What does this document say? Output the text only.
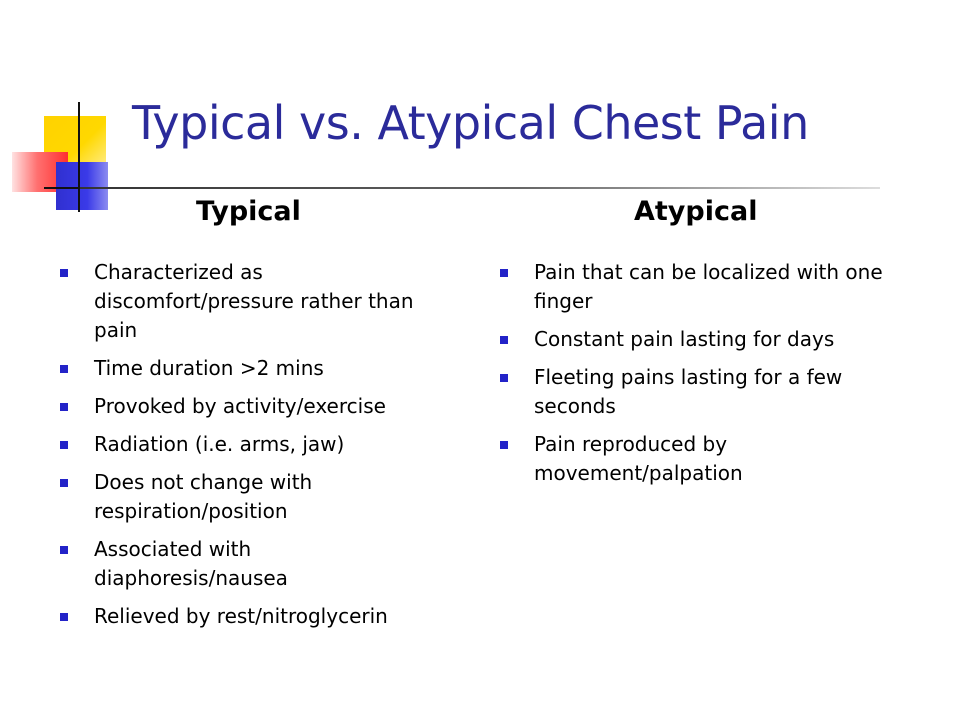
Typical vs. Atypical Chest Pain
Typical	Atypical
Characterized as discomfort/pressure rather than pain
Time duration >2 mins
Provoked by activity/exercise
Radiation (i.e. arms, jaw)
Does not change with respiration/position
Associated with diaphoresis/nausea
Relieved by rest/nitroglycerin
Pain that can be localized with one finger
Constant pain lasting for days
Fleeting pains lasting for a few seconds
Pain reproduced by movement/palpation
